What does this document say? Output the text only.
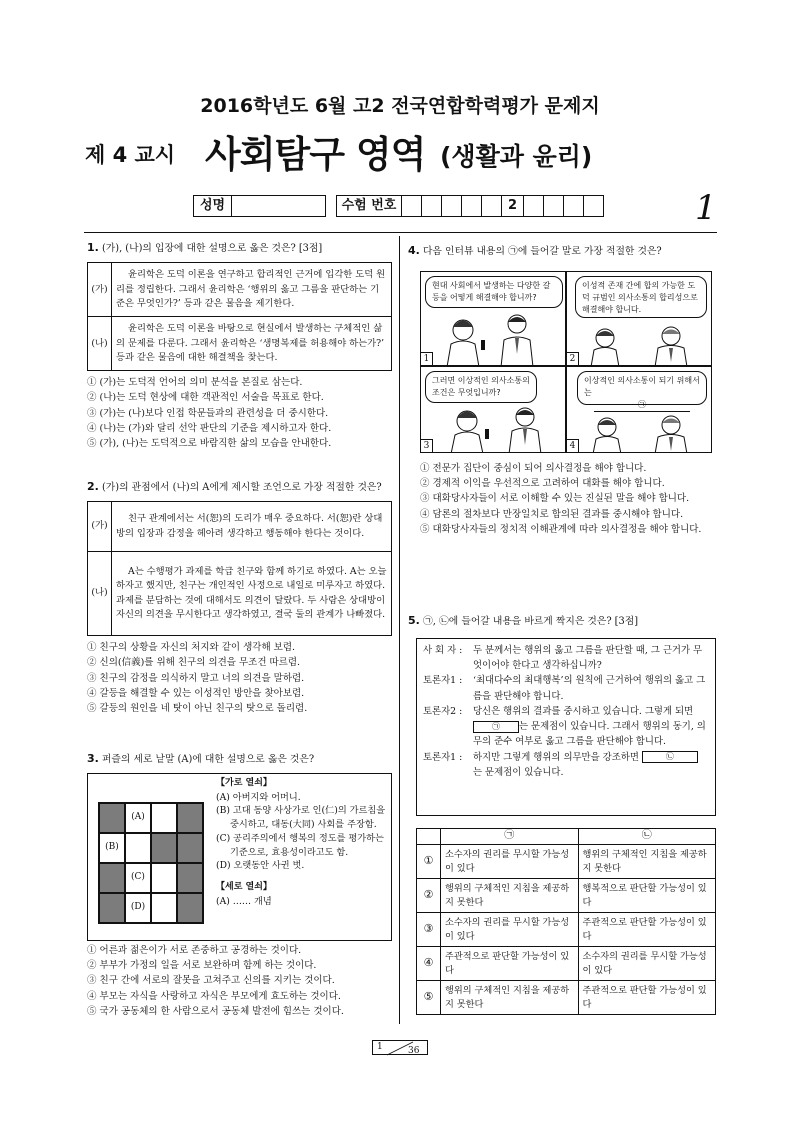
2016학년도 6월 고2 전국연합학력평가 문제지
제 4 교시 사회탐구 영역 (생활과 윤리)
성명	수험 번호	2	1
1. (가), (나)의 입장에 대한 설명으로 옳은 것은? [3점]
(가)	윤리학은 도덕 이론을 연구하고 합리적인 근거에 입각한 도덕 원리를 정립한다. 그래서 윤리학은 ‘행위의 옳고 그름을 판단하는 기준은 무엇인가?’ 등과 같은 물음을 제기한다.
(나)	윤리학은 도덕 이론을 바탕으로 현실에서 발생하는 구체적인 삶의 문제를 다룬다. 그래서 윤리학은 ‘생명복제를 허용해야 하는가?’ 등과 같은 물음에 대한 해결책을 찾는다.
① (가)는 도덕적 언어의 의미 분석을 본질로 삼는다.
② (나)는 도덕 현상에 대한 객관적인 서술을 목표로 한다.
③ (가)는 (나)보다 인접 학문들과의 관련성을 더 중시한다.
④ (나)는 (가)와 달리 선악 판단의 기준을 제시하고자 한다.
⑤ (가), (나)는 도덕적으로 바람직한 삶의 모습을 안내한다.
2. (가)의 관점에서 (나)의 A에게 제시할 조언으로 가장 적절한 것은?
(가)	친구 관계에서는 서(恕)의 도리가 매우 중요하다. 서(恕)란 상대방의 입장과 감정을 헤아려 생각하고 행동해야 한다는 것이다.
(나)	A는 수행평가 과제를 학급 친구와 함께 하기로 하였다. A는 오늘 하자고 했지만, 친구는 개인적인 사정으로 내일로 미루자고 하였다. 과제를 분담하는 것에 대해서도 의견이 달랐다. 두 사람은 상대방이 자신의 의견을 무시한다고 생각하였고, 결국 둘의 관계가 나빠졌다.
① 친구의 상황을 자신의 처지와 같이 생각해 보렴.
② 신의(信義)를 위해 친구의 의견을 무조건 따르렴.
③ 친구의 감정을 의식하지 말고 너의 의견을 말하렴.
④ 갈등을 해결할 수 있는 이성적인 방안을 찾아보렴.
⑤ 갈등의 원인을 네 탓이 아닌 친구의 탓으로 돌리렴.
3. 퍼즐의 세로 낱말 (A)에 대한 설명으로 옳은 것은?
(A)
(B)
(C)
(D)
【가로 열쇠】
(A) 아버지와 어머니.
(B) 고대 동양 사상가로 인(仁)의 가르침을 중시하고, 대동(大同) 사회를 주장함.
(C) 공리주의에서 행복의 정도를 평가하는 기준으로, 효용성이라고도 함.
(D) 오랫동안 사귄 벗.
【세로 열쇠】
(A) …… 개념
① 어른과 젊은이가 서로 존중하고 공경하는 것이다.
② 부부가 가정의 일을 서로 보완하며 함께 하는 것이다.
③ 친구 간에 서로의 잘못을 고쳐주고 신의를 지키는 것이다.
④ 부모는 자식을 사랑하고 자식은 부모에게 효도하는 것이다.
⑤ 국가 공동체의 한 사람으로서 공동체 발전에 힘쓰는 것이다.
4. 다음 인터뷰 내용의 ㉠에 들어갈 말로 가장 적절한 것은?
현대 사회에서 발생하는 다양한 갈등을 어떻게 해결해야 합니까?
1
이성적 존재 간에 합의 가능한 도덕 규범인 의사소통의 합리성으로 해결해야 합니다.
2
그러면 이상적인 의사소통의 조건은 무엇입니까?
3
이상적인 의사소통이 되기 위해서는
㉠
4
① 전문가 집단이 중심이 되어 의사결정을 해야 합니다.
② 경제적 이익을 우선적으로 고려하여 대화를 해야 합니다.
③ 대화당사자들이 서로 이해할 수 있는 진실된 말을 해야 합니다.
④ 담론의 절차보다 만장일치로 합의된 결과를 중시해야 합니다.
⑤ 대화당사자들의 정치적 이해관계에 따라 의사결정을 해야 합니다.
5. ㉠, ㉡에 들어갈 내용을 바르게 짝지은 것은? [3점]
사 회 자 :	두 분께서는 행위의 옳고 그름을 판단할 때, 그 근거가 무엇이어야 한다고 생각하십니까?
토론자1 :	‘최대다수의 최대행복’의 원칙에 근거하여 행위의 옳고 그름을 판단해야 합니다.
토론자2 :	당신은 행위의 결과를 중시하고 있습니다. 그렇게 되면 ㉠ 는 문제점이 있습니다. 그래서 행위의 동기, 의무의 준수 여부로 옳고 그름을 판단해야 합니다.
토론자1 :	하지만 그렇게 행위의 의무만을 강조하면	㉡ 는 문제점이 있습니다.
	㉠	㉡
①	소수자의 권리를 무시할 가능성이 있다	행위의 구체적인 지침을 제공하지 못한다
②	행위의 구체적인 지침을 제공하지 못한다	행복적으로 판단할 가능성이 있다
③	소수자의 권리를 무시할 가능성이 있다	주관적으로 판단할 가능성이 있다
④	주관적으로 판단할 가능성이 있다	소수자의 권리를 무시할 가능성이 있다
⑤	행위의 구체적인 지침을 제공하지 못한다	주관적으로 판단할 가능성이 있다
1	36
